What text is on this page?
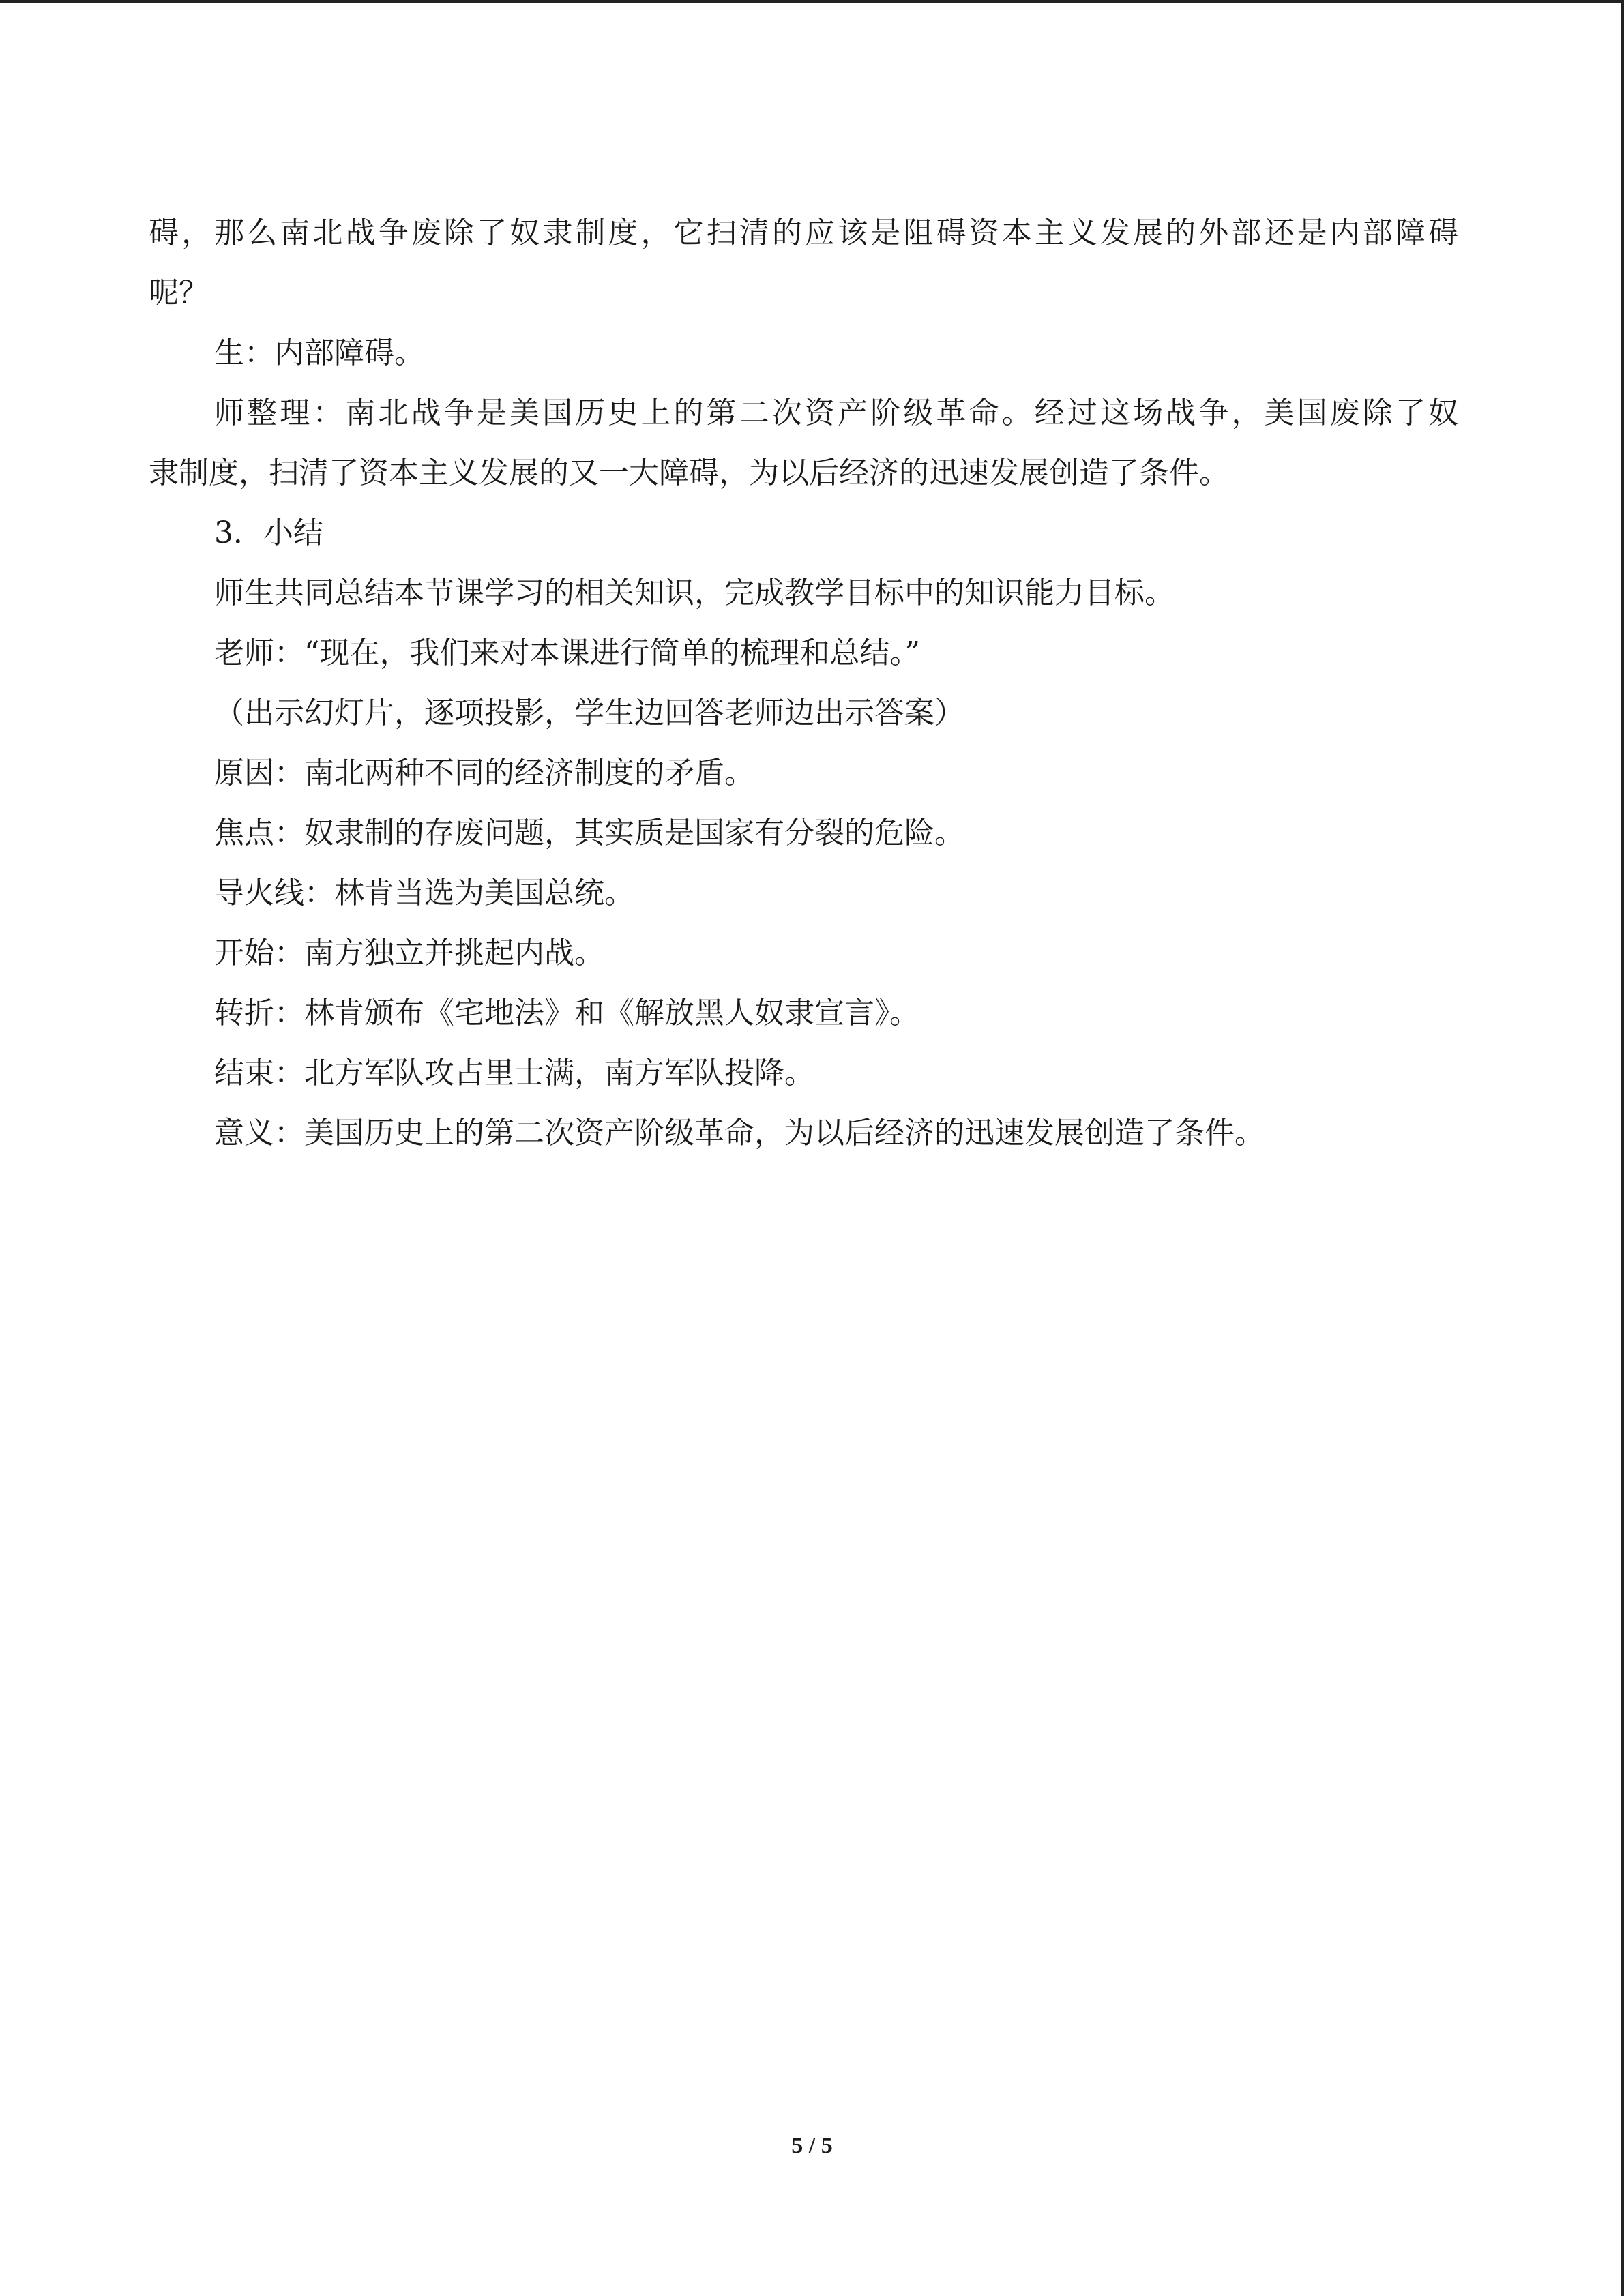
碍，那么南北战争废除了奴隶制度，它扫清的应该是阻碍资本主义发展的外部还是内部障碍

呢？

生：内部障碍。

师整理：南北战争是美国历史上的第二次资产阶级革命。经过这场战争，美国废除了奴

隶制度，扫清了资本主义发展的又一大障碍，为以后经济的迅速发展创造了条件。

3．小结

师生共同总结本节课学习的相关知识，完成教学目标中的知识能力目标。

老师：“现在，我们来对本课进行简单的梳理和总结。”

（出示幻灯片，逐项投影，学生边回答老师边出示答案）

原因：南北两种不同的经济制度的矛盾。

焦点：奴隶制的存废问题，其实质是国家有分裂的危险。

导火线：林肯当选为美国总统。

开始：南方独立并挑起内战。

转折：林肯颁布《宅地法》和《解放黑人奴隶宣言》。

结束：北方军队攻占里士满，南方军队投降。

意义：美国历史上的第二次资产阶级革命，为以后经济的迅速发展创造了条件。

5 / 5
